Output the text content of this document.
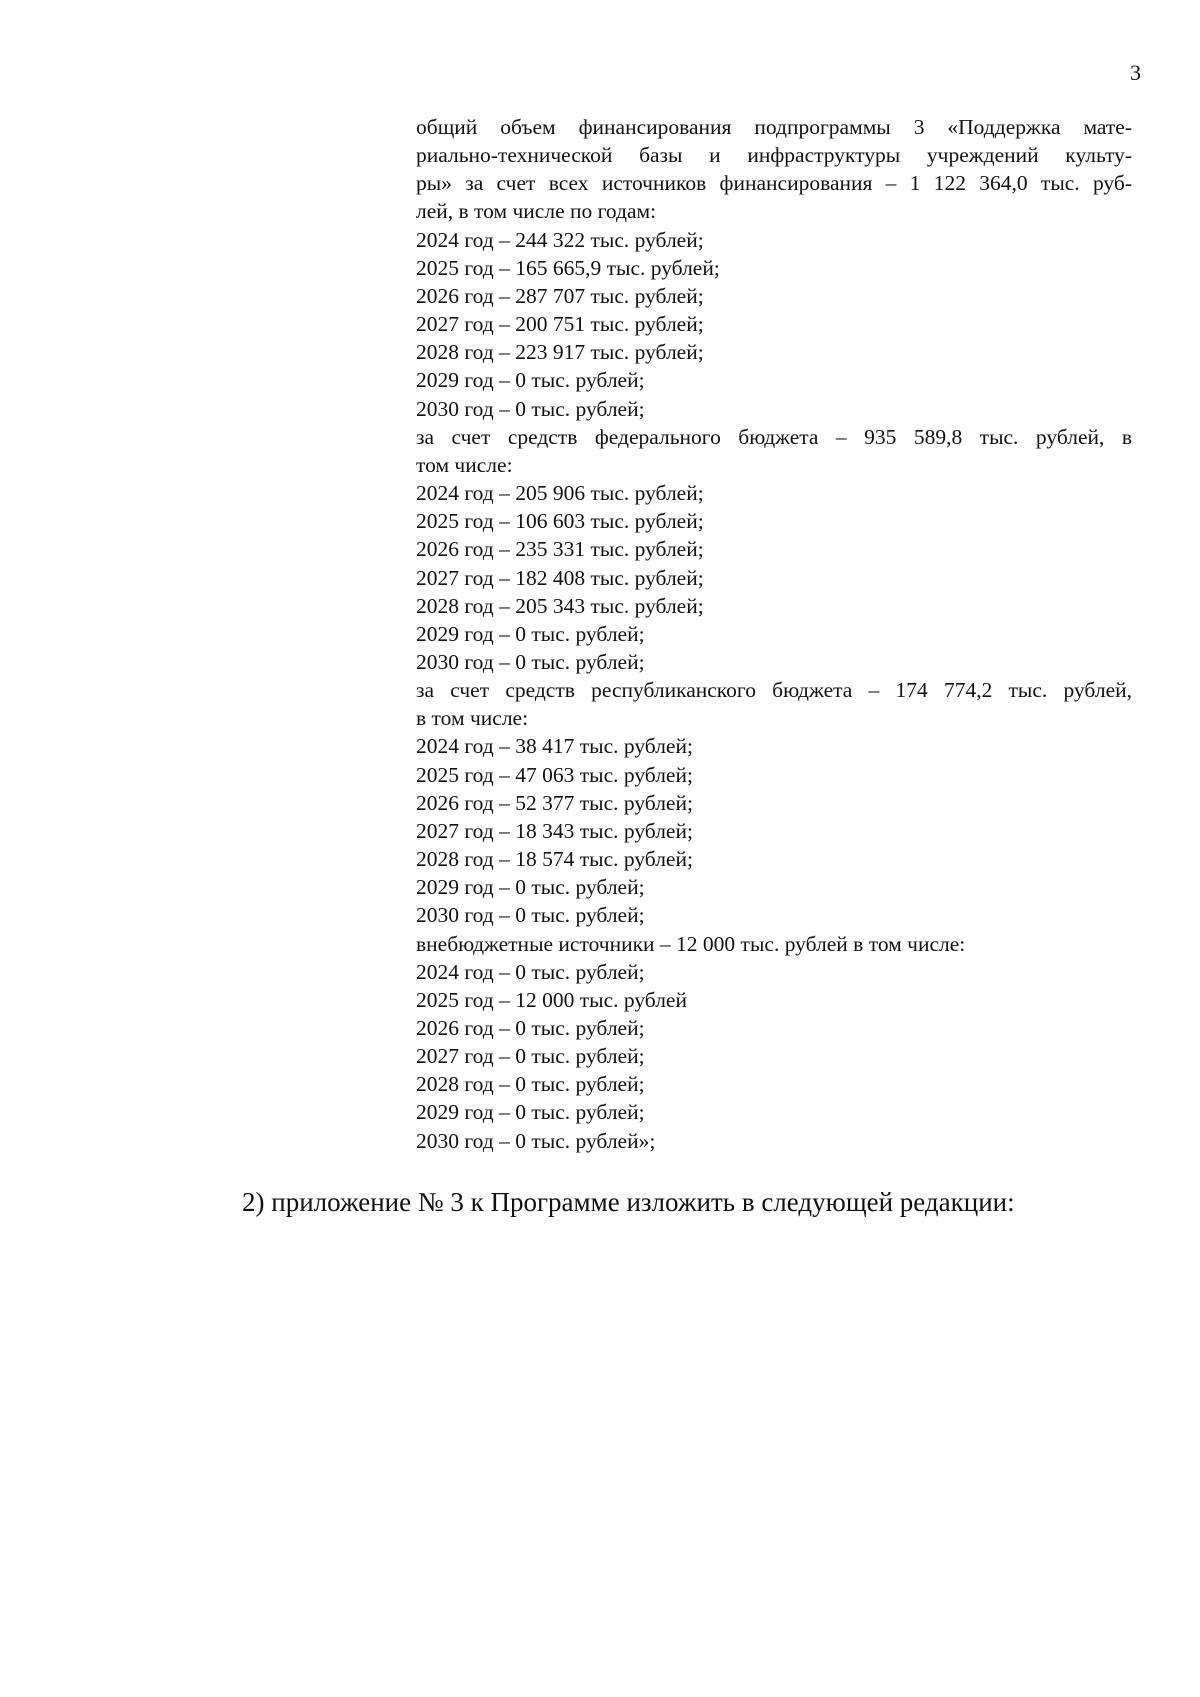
3

общий объем финансирования подпрограммы 3 «Поддержка мате-

риально-технической базы и инфраструктуры учреждений культу-

ры» за счет всех источников финансирования – 1 122 364,0 тыс. руб-

лей, в том числе по годам:

2024 год – 244 322 тыс. рублей;

2025 год – 165 665,9 тыс. рублей;

2026 год – 287 707 тыс. рублей;

2027 год – 200 751 тыс. рублей;

2028 год – 223 917 тыс. рублей;

2029 год – 0 тыс. рублей;

2030 год – 0 тыс. рублей;

за счет средств федерального бюджета – 935 589,8 тыс. рублей, в

том числе:

2024 год – 205 906 тыс. рублей;

2025 год – 106 603 тыс. рублей;

2026 год – 235 331 тыс. рублей;

2027 год – 182 408 тыс. рублей;

2028 год – 205 343 тыс. рублей;

2029 год – 0 тыс. рублей;

2030 год – 0 тыс. рублей;

за счет средств республиканского бюджета – 174 774,2 тыс. рублей,

в том числе:

2024 год – 38 417 тыс. рублей;

2025 год – 47 063 тыс. рублей;

2026 год – 52 377 тыс. рублей;

2027 год – 18 343 тыс. рублей;

2028 год – 18 574 тыс. рублей;

2029 год – 0 тыс. рублей;

2030 год – 0 тыс. рублей;

внебюджетные источники – 12 000 тыс. рублей в том числе:

2024 год – 0 тыс. рублей;

2025 год – 12 000 тыс. рублей

2026 год – 0 тыс. рублей;

2027 год – 0 тыс. рублей;

2028 год – 0 тыс. рублей;

2029 год – 0 тыс. рублей;

2030 год – 0 тыс. рублей»;

2) приложение № 3 к Программе изложить в следующей редакции:
